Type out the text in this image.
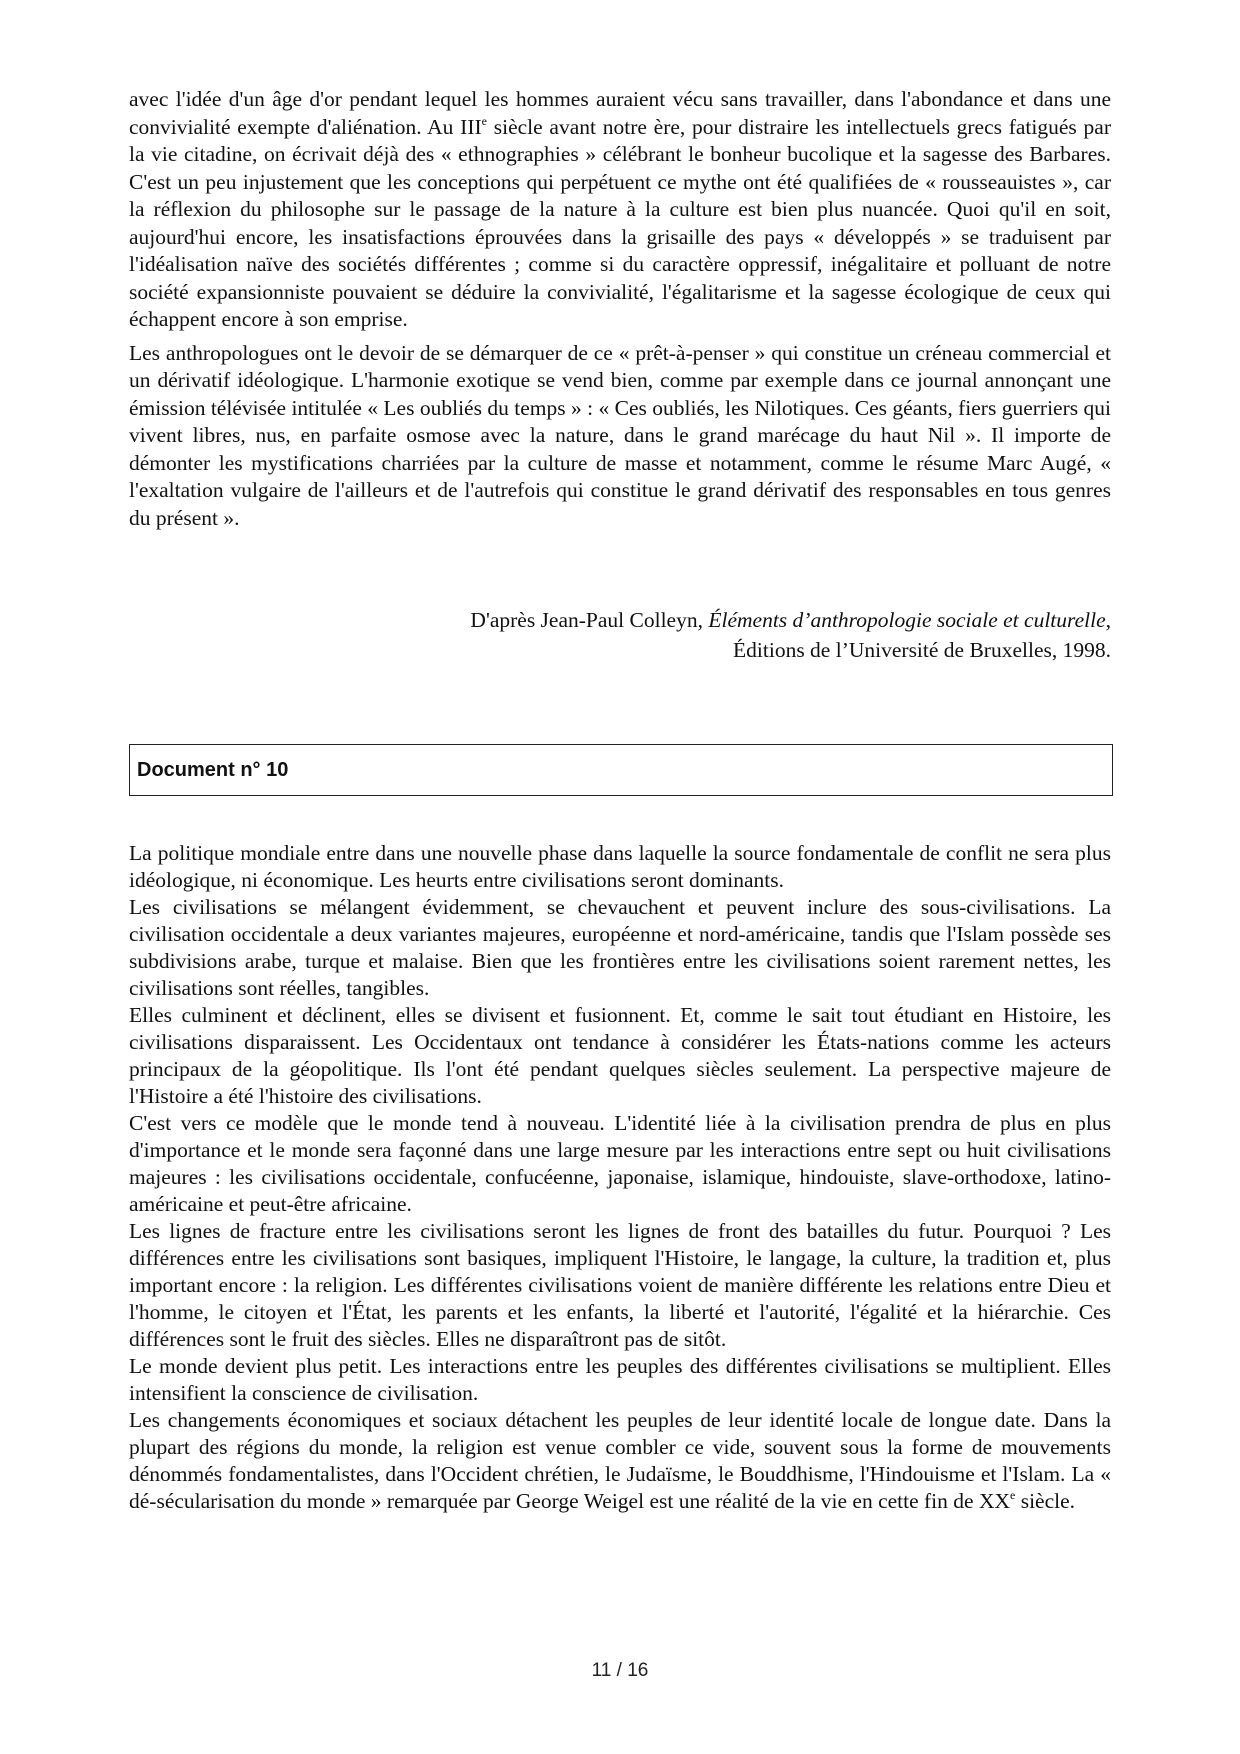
avec l'idée d'un âge d'or pendant lequel les hommes auraient vécu sans travailler, dans l'abondance et dans une convivialité exempte d'aliénation. Au IIIe siècle avant notre ère, pour distraire les intellectuels grecs fatigués par la vie citadine, on écrivait déjà des « ethnographies » célébrant le bonheur bucolique et la sagesse des Barbares. C'est un peu injustement que les conceptions qui perpétuent ce mythe ont été qualifiées de « rousseauistes », car la réflexion du philosophe sur le passage de la nature à la culture est bien plus nuancée. Quoi qu'il en soit, aujourd'hui encore, les insatisfactions éprouvées dans la grisaille des pays « développés » se traduisent par l'idéalisation naïve des sociétés différentes ; comme si du caractère oppressif, inégalitaire et polluant de notre société expansionniste pouvaient se déduire la convivialité, l'égalitarisme et la sagesse écologique de ceux qui échappent encore à son emprise.

Les anthropologues ont le devoir de se démarquer de ce « prêt-à-penser » qui constitue un créneau commercial et un dérivatif idéologique. L'harmonie exotique se vend bien, comme par exemple dans ce journal annonçant une émission télévisée intitulée « Les oubliés du temps » : « Ces oubliés, les Nilotiques. Ces géants, fiers guerriers qui vivent libres, nus, en parfaite osmose avec la nature, dans le grand marécage du haut Nil ». Il importe de démonter les mystifications charriées par la culture de masse et notamment, comme le résume Marc Augé, « l'exaltation vulgaire de l'ailleurs et de l'autrefois qui constitue le grand dérivatif des responsables en tous genres du présent ».

D'après Jean-Paul Colleyn, Éléments d’anthropologie sociale et culturelle,
Éditions de l’Université de Bruxelles, 1998.
Document n° 10

La politique mondiale entre dans une nouvelle phase dans laquelle la source fondamentale de conflit ne sera plus idéologique, ni économique. Les heurts entre civilisations seront dominants.

Les civilisations se mélangent évidemment, se chevauchent et peuvent inclure des sous-civilisations. La civilisation occidentale a deux variantes majeures, européenne et nord-américaine, tandis que l'Islam possède ses subdivisions arabe, turque et malaise. Bien que les frontières entre les civilisations soient rarement nettes, les civilisations sont réelles, tangibles.

Elles culminent et déclinent, elles se divisent et fusionnent. Et, comme le sait tout étudiant en Histoire, les civilisations disparaissent. Les Occidentaux ont tendance à considérer les États-nations comme les acteurs principaux de la géopolitique. Ils l'ont été pendant quelques siècles seulement. La perspective majeure de l'Histoire a été l'histoire des civilisations.

C'est vers ce modèle que le monde tend à nouveau. L'identité liée à la civilisation prendra de plus en plus d'importance et le monde sera façonné dans une large mesure par les interactions entre sept ou huit civilisations majeures : les civilisations occidentale, confucéenne, japonaise, islamique, hindouiste, slave-orthodoxe, latino-américaine et peut-être africaine.

Les lignes de fracture entre les civilisations seront les lignes de front des batailles du futur. Pourquoi ? Les différences entre les civilisations sont basiques, impliquent l'Histoire, le langage, la culture, la tradition et, plus important encore : la religion. Les différentes civilisations voient de manière différente les relations entre Dieu et l'homme, le citoyen et l'État, les parents et les enfants, la liberté et l'autorité, l'égalité et la hiérarchie. Ces différences sont le fruit des siècles. Elles ne disparaîtront pas de sitôt.

Le monde devient plus petit. Les interactions entre les peuples des différentes civilisations se multiplient. Elles intensifient la conscience de civilisation.

Les changements économiques et sociaux détachent les peuples de leur identité locale de longue date. Dans la plupart des régions du monde, la religion est venue combler ce vide, souvent sous la forme de mouvements dénommés fondamentalistes, dans l'Occident chrétien, le Judaïsme, le Bouddhisme, l'Hindouisme et l'Islam. La « dé-sécularisation du monde » remarquée par George Weigel est une réalité de la vie en cette fin de XXe siècle.

11 / 16
